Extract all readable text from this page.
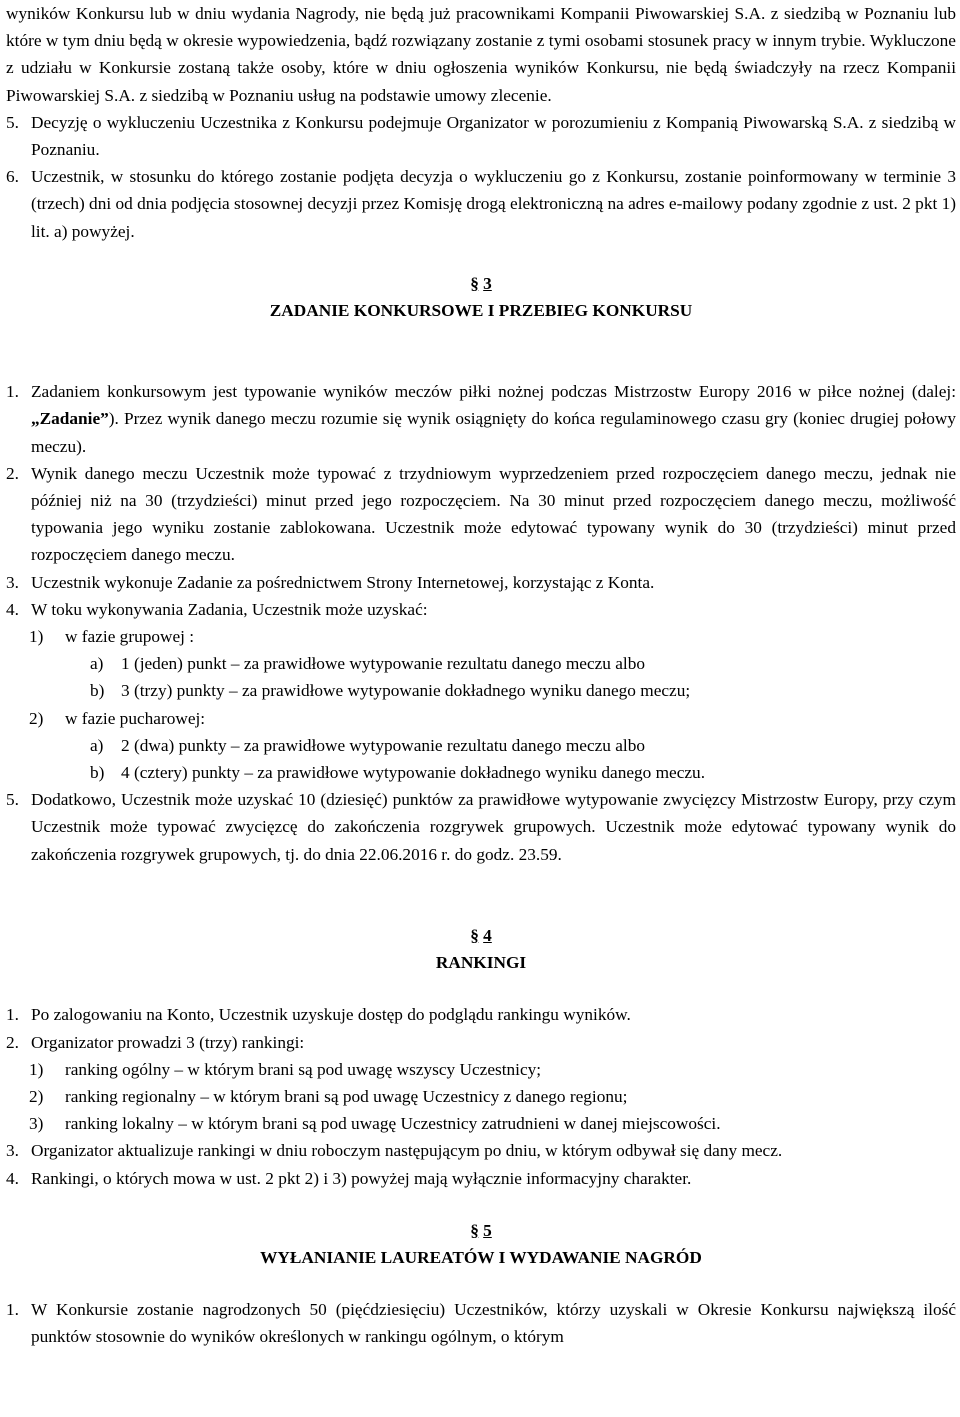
wyników Konkursu lub w dniu wydania Nagrody, nie będą już pracownikami Kompanii Piwowarskiej S.A. z siedzibą w Poznaniu lub które w tym dniu będą w okresie wypowiedzenia, bądź rozwiązany zostanie z tymi osobami stosunek pracy w innym trybie. Wykluczone z udziału w Konkursie zostaną także osoby, które w dniu ogłoszenia wyników Konkursu, nie będą świadczyły na rzecz Kompanii Piwowarskiej S.A. z siedzibą w Poznaniu usług na podstawie umowy zlecenie.

5. Decyzję o wykluczeniu Uczestnika z Konkursu podejmuje Organizator w porozumieniu z Kompanią Piwowarską S.A. z siedzibą w Poznaniu.

6. Uczestnik, w stosunku do którego zostanie podjęta decyzja o wykluczeniu go z Konkursu, zostanie poinformowany w terminie 3 (trzech) dni od dnia podjęcia stosownej decyzji przez Komisję drogą elektroniczną na adres e-mailowy podany zgodnie z ust. 2 pkt 1) lit. a) powyżej.

§ 3

ZADANIE KONKURSOWE I PRZEBIEG KONKURSU

1. Zadaniem konkursowym jest typowanie wyników meczów piłki nożnej podczas Mistrzostw Europy 2016 w piłce nożnej (dalej: „Zadanie”). Przez wynik danego meczu rozumie się wynik osiągnięty do końca regulaminowego czasu gry (koniec drugiej połowy meczu).

2. Wynik danego meczu Uczestnik może typować z trzydniowym wyprzedzeniem przed rozpoczęciem danego meczu, jednak nie później niż na 30 (trzydzieści) minut przed jego rozpoczęciem. Na 30 minut przed rozpoczęciem danego meczu, możliwość typowania jego wyniku zostanie zablokowana. Uczestnik może edytować typowany wynik do 30 (trzydzieści) minut przed rozpoczęciem danego meczu.

3. Uczestnik wykonuje Zadanie za pośrednictwem Strony Internetowej, korzystając z Konta.

4. W toku wykonywania Zadania, Uczestnik może uzyskać:

1) w fazie grupowej :

a) 1 (jeden) punkt – za prawidłowe wytypowanie rezultatu danego meczu albo

b) 3 (trzy) punkty – za prawidłowe wytypowanie dokładnego wyniku danego meczu;

2) w fazie pucharowej:

a) 2 (dwa) punkty – za prawidłowe wytypowanie rezultatu danego meczu albo

b) 4 (cztery) punkty – za prawidłowe wytypowanie dokładnego wyniku danego meczu.

5. Dodatkowo, Uczestnik może uzyskać 10 (dziesięć) punktów za prawidłowe wytypowanie zwycięzcy Mistrzostw Europy, przy czym Uczestnik może typować zwycięzcę do zakończenia rozgrywek grupowych. Uczestnik może edytować typowany wynik do zakończenia rozgrywek grupowych, tj. do dnia 22.06.2016 r. do godz. 23.59.

§ 4

RANKINGI

1. Po zalogowaniu na Konto, Uczestnik uzyskuje dostęp do podglądu rankingu wyników.

2. Organizator prowadzi 3 (trzy) rankingi:

1) ranking ogólny – w którym brani są pod uwagę wszyscy Uczestnicy;

2) ranking regionalny – w którym brani są pod uwagę Uczestnicy z danego regionu;

3) ranking lokalny – w którym brani są pod uwagę Uczestnicy zatrudnieni w danej miejscowości.

3. Organizator aktualizuje rankingi w dniu roboczym następującym po dniu, w którym odbywał się dany mecz.

4. Rankingi, o których mowa w ust. 2 pkt 2) i 3) powyżej mają wyłącznie informacyjny charakter.

§ 5

WYŁANIANIE LAUREATÓW I WYDAWANIE NAGRÓD

1. W Konkursie zostanie nagrodzonych 50 (pięćdziesięciu) Uczestników, którzy uzyskali w Okresie Konkursu największą ilość punktów stosownie do wyników określonych w rankingu ogólnym, o którym
